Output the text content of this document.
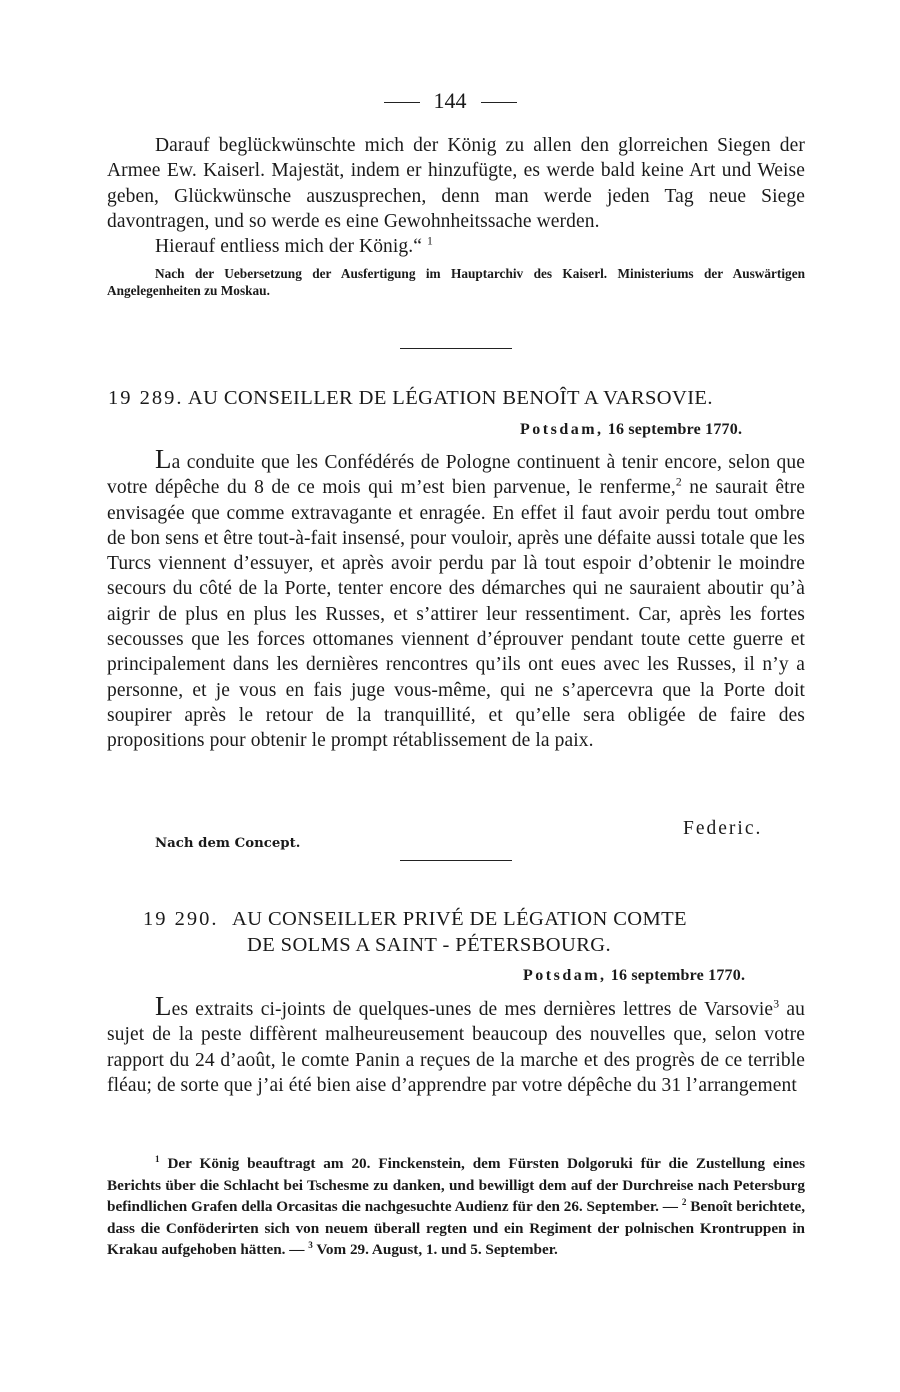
144

Darauf beglückwünschte mich der König zu allen den glorreichen Siegen der Armee Ew. Kaiserl. Majestät, indem er hinzufügte, es werde bald keine Art und Weise geben, Glückwünsche auszusprechen, denn man werde jeden Tag neue Siege davontragen, und so werde es eine Gewohnheitssache werden.

Hierauf entliess mich der König.“ $^1$

Nach der Uebersetzung der Ausfertigung im Hauptarchiv des Kaiserl. Ministeriums der Auswärtigen Angelegenheiten zu Moskau.

19 289. AU CONSEILLER DE LÉGATION BENOÎT A VARSOVIE.
Potsdam, 16 septembre 1770.

La conduite que les Confédérés de Pologne continuent à tenir encore, selon que votre dépêche du 8 de ce mois qui m’est bien parvenue, le renferme,$^2$ ne saurait être envisagée que comme extravagante et enragée. En effet il faut avoir perdu tout ombre de bon sens et être tout-à-fait insensé, pour vouloir, après une défaite aussi totale que les Turcs viennent d’essuyer, et après avoir perdu par là tout espoir d’obtenir le moindre secours du côté de la Porte, tenter encore des démarches qui ne sauraient aboutir qu’à aigrir de plus en plus les Russes, et s’attirer leur ressentiment. Car, après les fortes secousses que les forces ottomanes viennent d’éprouver pendant toute cette guerre et principalement dans les dernières rencontres qu’ils ont eues avec les Russes, il n’y a personne, et je vous en fais juge vous-même, qui ne s’apercevra que la Porte doit soupirer après le retour de la tranquillité, et qu’elle sera obligée de faire des propositions pour obtenir le prompt rétablissement de la paix.

Federic.
Nach dem Concept.
19 290. AU CONSEILLER PRIVÉ DE LÉGATION COMTE
DE SOLMS A SAINT - PÉTERSBOURG.
Potsdam, 16 septembre 1770.

Les extraits ci-joints de quelques-unes de mes dernières lettres de Varsovie$^3$ au sujet de la peste diffèrent malheureusement beaucoup des nouvelles que, selon votre rapport du 24 d’août, le comte Panin a reçues de la marche et des progrès de ce terrible fléau; de sorte que j’ai été bien aise d’apprendre par votre dépêche du 31 l’arrangement

$^1$ Der König beauftragt am 20. Finckenstein, dem Fürsten Dolgoruki für die Zustellung eines Berichts über die Schlacht bei Tschesme zu danken, und bewilligt dem auf der Durchreise nach Petersburg befindlichen Grafen della Orcasitas die nachgesuchte Audienz für den 26. September. — $^2$ Benoît berichtete, dass die Conföderirten sich von neuem überall regten und ein Regiment der polnischen Krontruppen in Krakau aufgehoben hätten. — $^3$ Vom 29. August, 1. und 5. September.
